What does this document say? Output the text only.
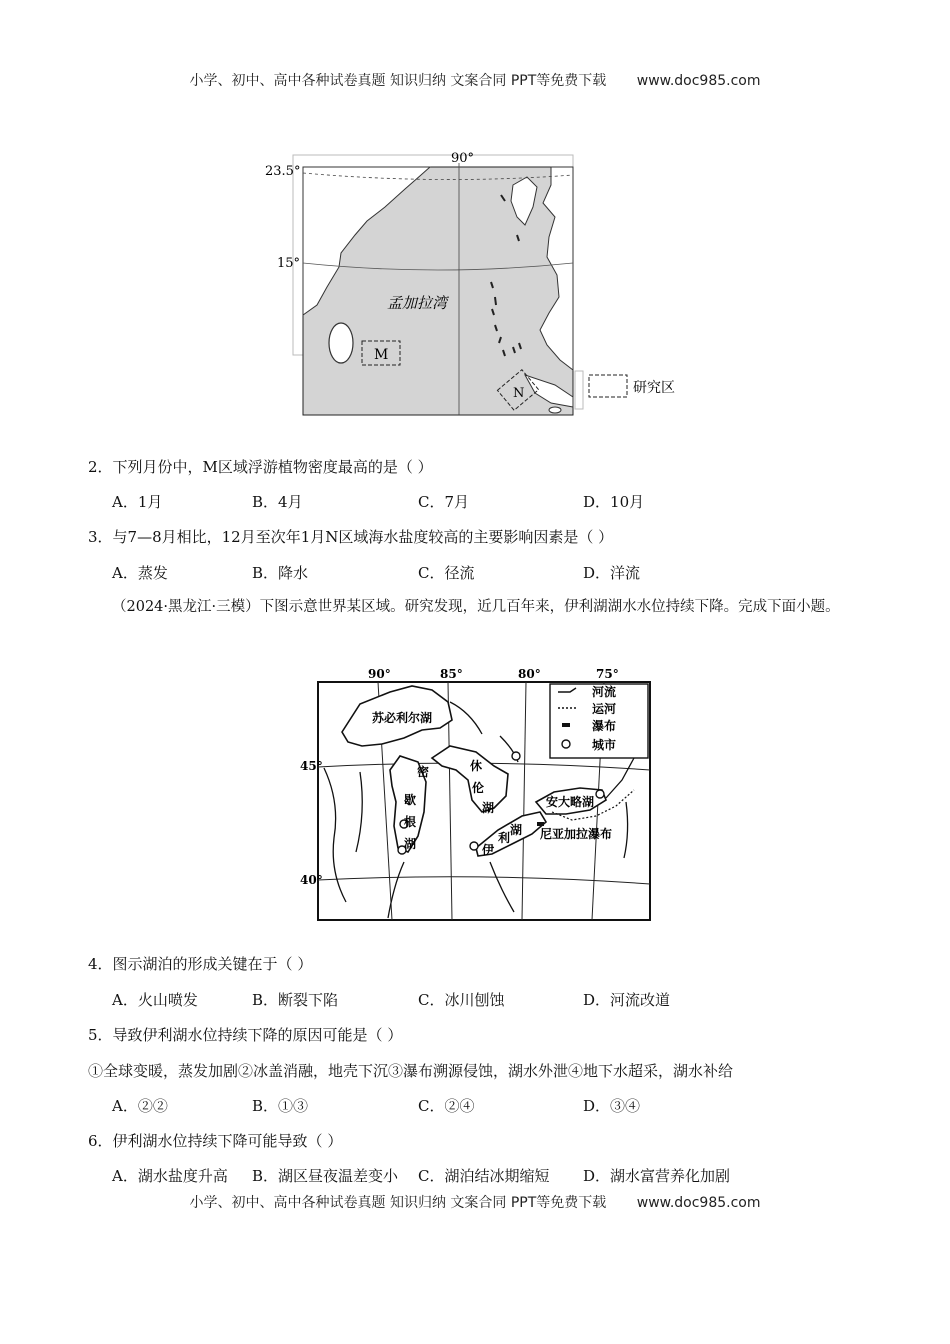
小学、初中、高中各种试卷真题 知识归纳 文案合同 PPT等免费下载 www.doc985.com
23.5°
15°
90°
孟加拉湾
M
N	研究区
2．下列月份中，M区域浮游植物密度最高的是（ ）
A．1月	B．4月	C．7月	D．10月
3．与7—8月相比，12月至次年1月N区域海水盐度较高的主要影响因素是（ ）
A．蒸发	B．降水	C．径流	D．洋流
（2024·黑龙江·三模）下图示意世界某区域。研究发现，近几百年来，伊利湖湖水水位持续下降。完成下面小题。
90°	85°	80°	75°
45°
40°
苏必利尔湖
密
歇
根
湖
休
伦
湖
伊
利
湖
安大略湖
尼亚加拉瀑布
河流
运河
瀑布
城市
4．图示湖泊的形成关键在于（ ）
A．火山喷发	B．断裂下陷	C．冰川刨蚀	D．河流改道
5．导致伊利湖水位持续下降的原因可能是（ ）
①全球变暖，蒸发加剧②冰盖消融，地壳下沉③瀑布溯源侵蚀，湖水外泄④地下水超采，湖水补给
A．②②	B．①③	C．②④	D．③④
6．伊利湖水位持续下降可能导致（ ）
A．湖水盐度升高 B．湖区昼夜温差变小 C．湖泊结冰期缩短 D．湖水富营养化加剧
小学、初中、高中各种试卷真题 知识归纳 文案合同 PPT等免费下载 www.doc985.com
